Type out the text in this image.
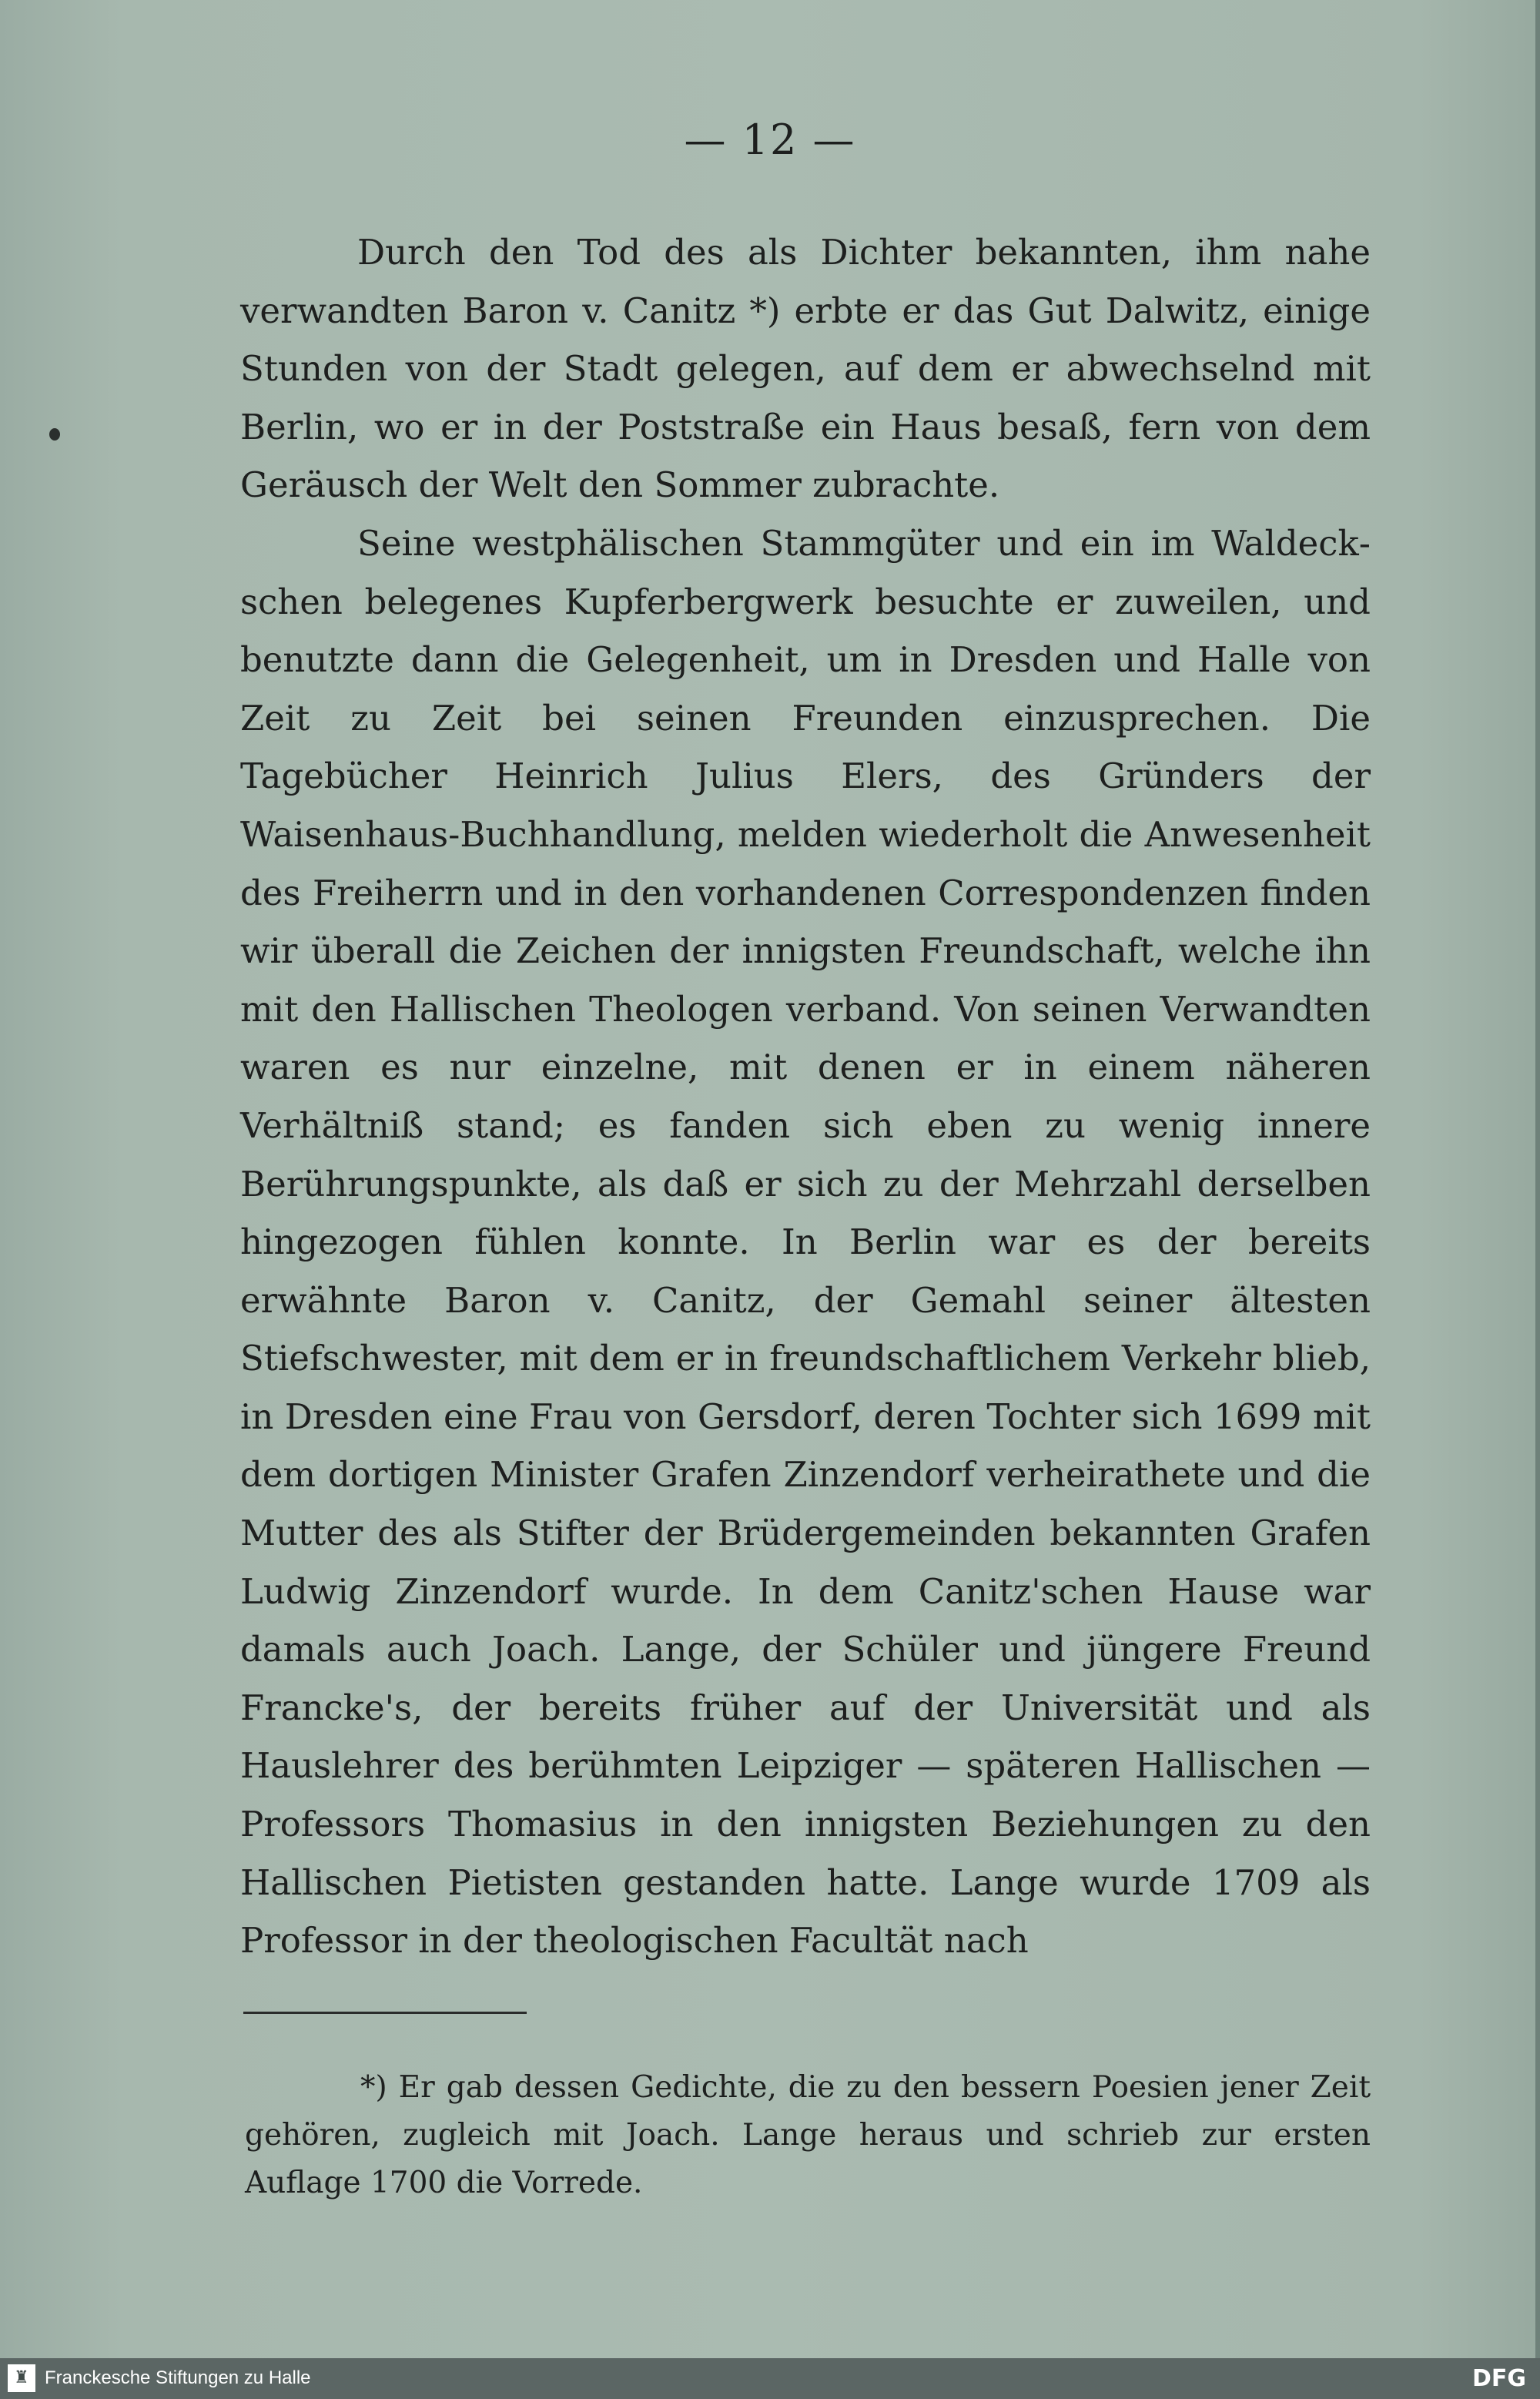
— 12 —

Durch den Tod des als Dichter bekannten, ihm nahe verwandten Baron v. Canitz *) erbte er das Gut Dalwitz, einige Stunden von der Stadt gelegen, auf dem er abwechselnd mit Berlin, wo er in der Poststraße ein Haus besaß, fern von dem Geräusch der Welt den Sommer zubrachte.

Seine westphälischen Stammgüter und ein im Waldeckschen belegenes Kupferbergwerk besuchte er zuweilen, und benutzte dann die Gelegenheit, um in Dresden und Halle von Zeit zu Zeit bei seinen Freunden einzusprechen. Die Tagebücher Heinrich Julius Elers, des Gründers der Waisenhaus-Buchhandlung, melden wiederholt die Anwesenheit des Freiherrn und in den vorhandenen Correspondenzen finden wir überall die Zeichen der innigsten Freundschaft, welche ihn mit den Hallischen Theologen verband. Von seinen Verwandten waren es nur einzelne, mit denen er in einem näheren Verhältniß stand; es fanden sich eben zu wenig innere Berührungspunkte, als daß er sich zu der Mehrzahl derselben hingezogen fühlen konnte. In Berlin war es der bereits erwähnte Baron v. Canitz, der Gemahl seiner ältesten Stiefschwester, mit dem er in freundschaftlichem Verkehr blieb, in Dresden eine Frau von Gersdorf, deren Tochter sich 1699 mit dem dortigen Minister Grafen Zinzendorf verheirathete und die Mutter des als Stifter der Brüdergemeinden bekannten Grafen Ludwig Zinzendorf wurde. In dem Canitz'schen Hause war damals auch Joach. Lange, der Schüler und jüngere Freund Francke's, der bereits früher auf der Universität und als Hauslehrer des berühmten Leipziger — späteren Hallischen — Professors Thomasius in den innigsten Beziehungen zu den Hallischen Pietisten gestanden hatte. Lange wurde 1709 als Professor in der theologischen Facultät nach

*) Er gab dessen Gedichte, die zu den bessern Poesien jener Zeit gehören, zugleich mit Joach. Lange heraus und schrieb zur ersten Auflage 1700 die Vorrede.
♜ Franckesche Stiftungen zu Halle	DFG
